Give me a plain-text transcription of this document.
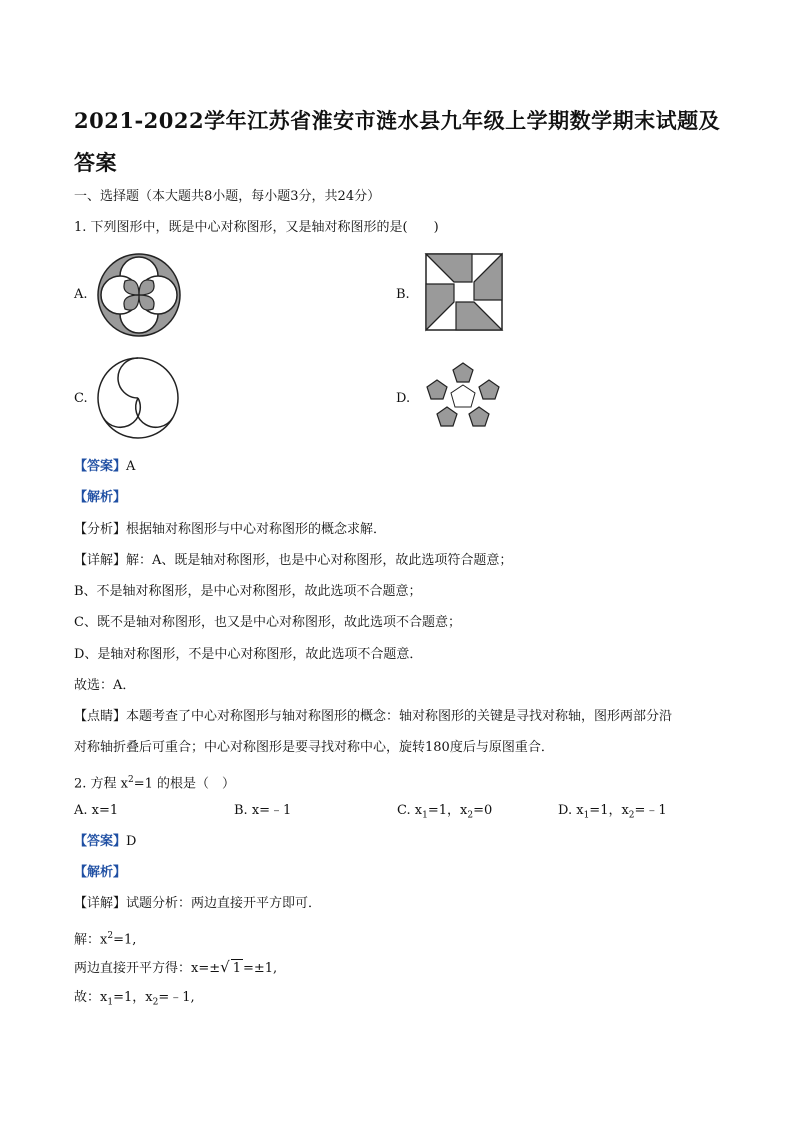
2021-2022学年江苏省淮安市涟水县九年级上学期数学期末试题及答案
一、选择题（本大题共8小题，每小题3分，共24分）
1. 下列图形中，既是中心对称图形，又是轴对称图形的是(　　)
A.	B.
C.	D.
【答案】A
【解析】
【分析】根据轴对称图形与中心对称图形的概念求解．
【详解】解：A、既是轴对称图形，也是中心对称图形，故此选项符合题意；
B、不是轴对称图形，是中心对称图形，故此选项不合题意；
C、既不是轴对称图形，也又是中心对称图形，故此选项不合题意；
D、是轴对称图形，不是中心对称图形，故此选项不合题意．
故选：A．
【点睛】本题考查了中心对称图形与轴对称图形的概念：轴对称图形的关键是寻找对称轴，图形两部分沿
对称轴折叠后可重合；中心对称图形是要寻找对称中心，旋转180度后与原图重合．
2. 方程 $x^2=1$ 的根是（　）
A. x=1	B. x=﹣1	C. $x_1=1$，$x_2=0$	D. $x_1=1$，$x_2=﹣1$
【答案】D
【解析】
【详解】试题分析：两边直接开平方即可．
解：$x^2=1$,
两边直接开平方得：x=±√ 1 =±1,
故：$x_1=1$，$x_2=﹣1$,
